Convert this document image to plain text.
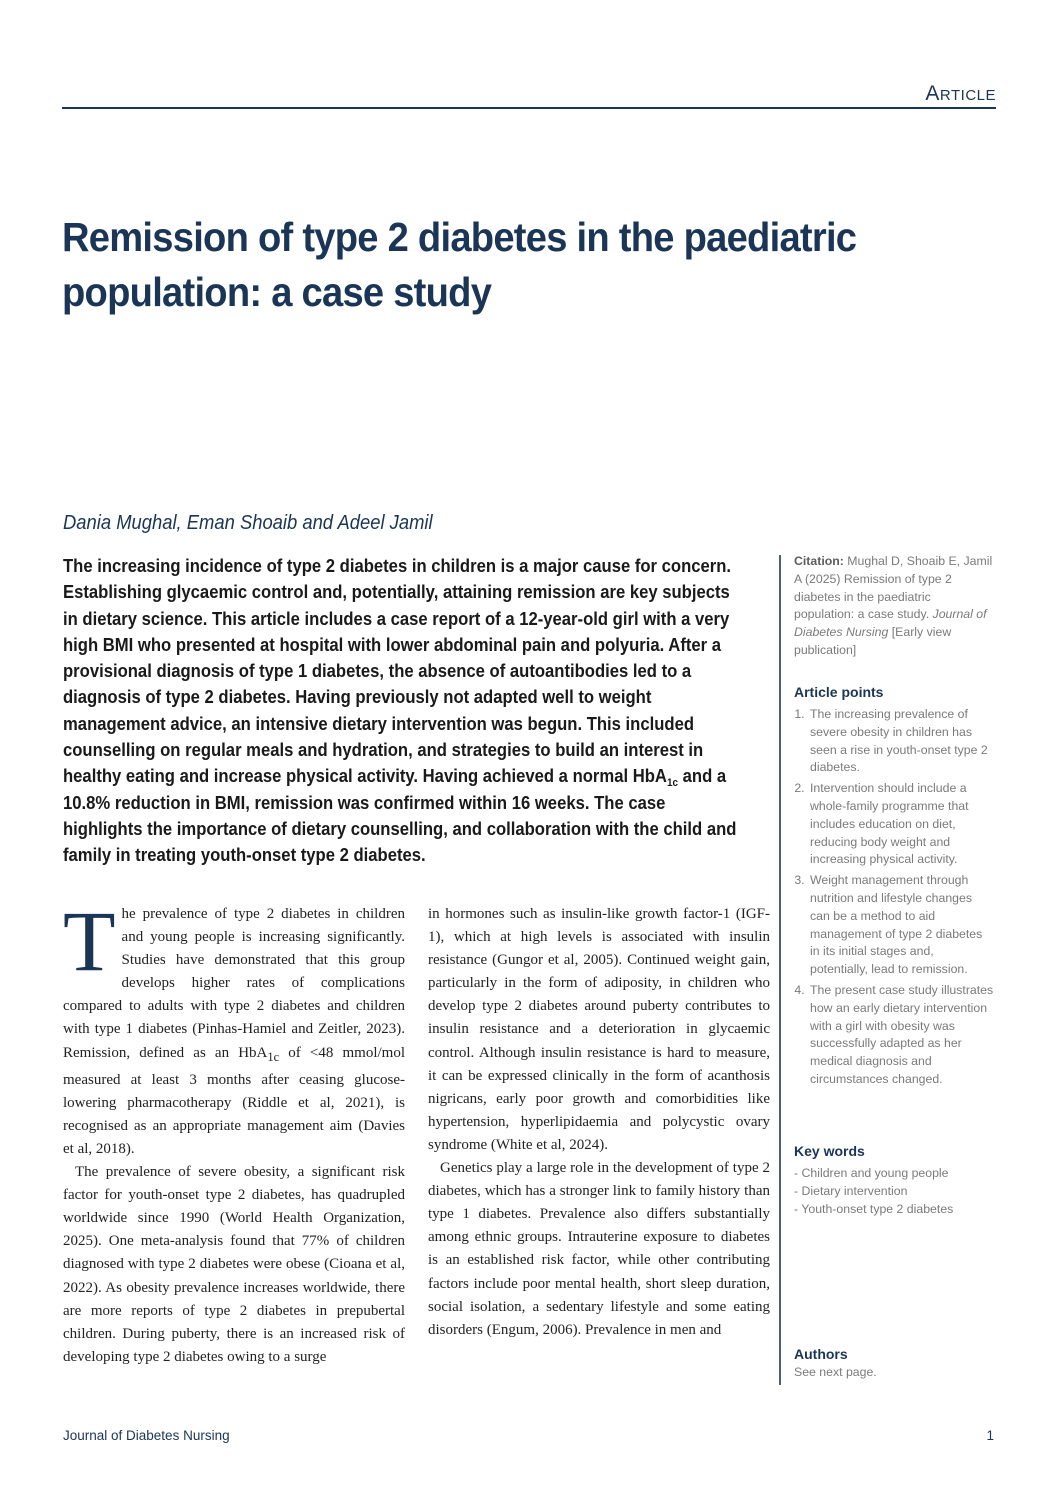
Article
Remission of type 2 diabetes in the paediatric population: a case study
Dania Mughal, Eman Shoaib and Adeel Jamil

The increasing incidence of type 2 diabetes in children is a major cause for concern. Establishing glycaemic control and, potentially, attaining remission are key subjects in dietary science. This article includes a case report of a 12-year-old girl with a very high BMI who presented at hospital with lower abdominal pain and polyuria. After a provisional diagnosis of type 1 diabetes, the absence of autoantibodies led to a diagnosis of type 2 diabetes. Having previously not adapted well to weight management advice, an intensive dietary intervention was begun. This included counselling on regular meals and hydration, and strategies to build an interest in healthy eating and increase physical activity. Having achieved a normal HbA$_{1c}$ and a 10.8% reduction in BMI, remission was confirmed within 16 weeks. The case highlights the importance of dietary counselling, and collaboration with the child and family in treating youth-onset type 2 diabetes.

The prevalence of type 2 diabetes in children and young people is increasing significantly. Studies have demonstrated that this group develops higher rates of complications compared to adults with type 2 diabetes and children with type 1 diabetes (Pinhas-Hamiel and Zeitler, 2023). Remission, defined as an HbA$_{1c}$ of <48 mmol/mol measured at least 3 months after ceasing glucose-lowering pharmacotherapy (Riddle et al, 2021), is recognised as an appropriate management aim (Davies et al, 2018).

The prevalence of severe obesity, a significant risk factor for youth-onset type 2 diabetes, has quadrupled worldwide since 1990 (World Health Organization, 2025). One meta-analysis found that 77% of children diagnosed with type 2 diabetes were obese (Cioana et al, 2022). As obesity prevalence increases worldwide, there are more reports of type 2 diabetes in prepubertal children. During puberty, there is an increased risk of developing type 2 diabetes owing to a surge

in hormones such as insulin-like growth factor-1 (IGF-1), which at high levels is associated with insulin resistance (Gungor et al, 2005). Continued weight gain, particularly in the form of adiposity, in children who develop type 2 diabetes around puberty contributes to insulin resistance and a deterioration in glycaemic control. Although insulin resistance is hard to measure, it can be expressed clinically in the form of acanthosis nigricans, early poor growth and comorbidities like hypertension, hyperlipidaemia and polycystic ovary syndrome (White et al, 2024).

Genetics play a large role in the development of type 2 diabetes, which has a stronger link to family history than type 1 diabetes. Prevalence also differs substantially among ethnic groups. Intrauterine exposure to diabetes is an established risk factor, while other contributing factors include poor mental health, short sleep duration, social isolation, a sedentary lifestyle and some eating disorders (Engum, 2006). Prevalence in men and

Citation: Mughal D, Shoaib E, Jamil A (2025) Remission of type 2 diabetes in the paediatric population: a case study. Journal of Diabetes Nursing [Early view publication]
Article points
1. The increasing prevalence of severe obesity in children has seen a rise in youth-onset type 2 diabetes.
2. Intervention should include a whole-family programme that includes education on diet, reducing body weight and increasing physical activity.
3. Weight management through nutrition and lifestyle changes can be a method to aid management of type 2 diabetes in its initial stages and, potentially, lead to remission.
4. The present case study illustrates how an early dietary intervention with a girl with obesity was successfully adapted as her medical diagnosis and circumstances changed.
Key words
- Children and young people
- Dietary intervention
- Youth-onset type 2 diabetes
Authors
See next page.
Journal of Diabetes Nursing	1
